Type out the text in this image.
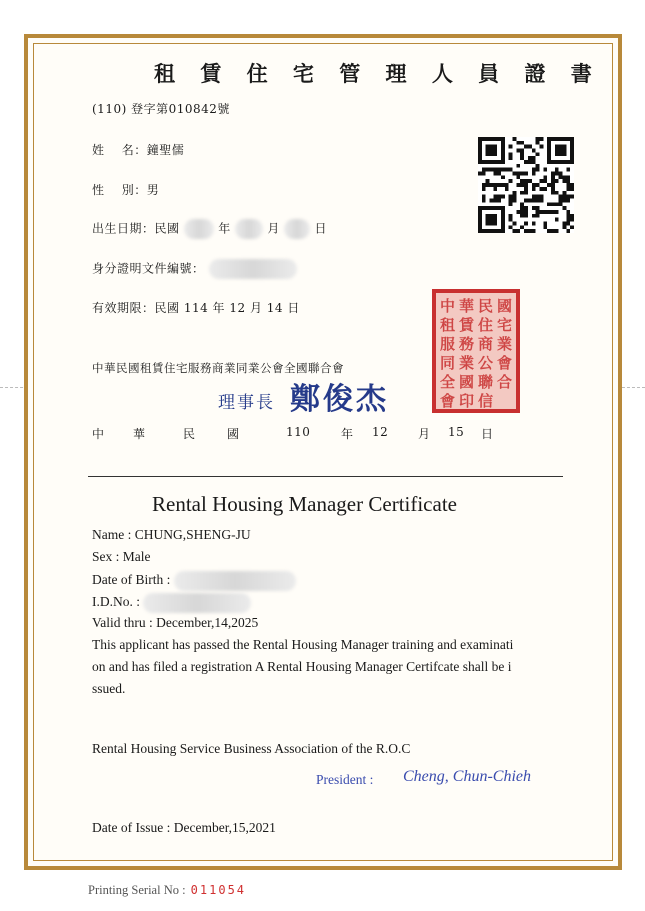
租 賃 住 宅 管 理 人 員 證 書
(110) 登字第010842號
姓    名：鐘聖儒
性    別：男
出生日期：民國	年	月	日
身分證明文件編號：
有效期限：民國 114 年 12 月 14 日	中 華 民 國
租 賃 住 宅
服 務 商 業
同 業 公 會
全 國 聯 合
會 印 信
中華民國租賃住宅服務商業同業公會全國聯合會
理事長 鄭俊杰
中 華	民	國	110	年 12 月 15 日
Rental Housing Manager Certificate
Name : CHUNG,SHENG-JU
Sex : Male
Date of Birth :
I.D.No. :
Valid thru : December,14,2025
This applicant has passed the Rental Housing Manager training and examinati
on and has filed a registration A Rental Housing Manager Certifcate shall be i
ssued.
Rental Housing Service Business Association of the R.O.C
President : Cheng, Chun-Chieh
Date of Issue : December,15,2021
Printing Serial No : 011054
